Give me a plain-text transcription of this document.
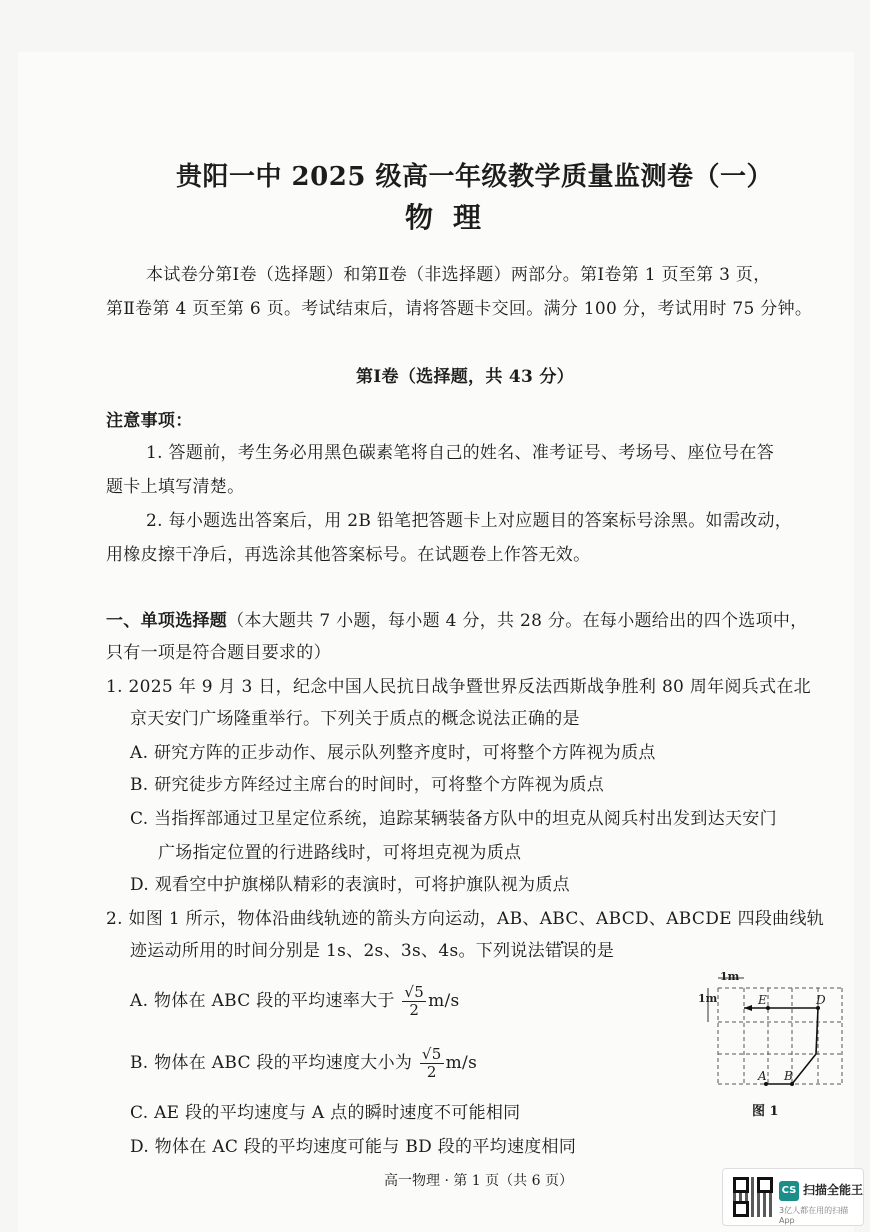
贵阳一中 2025 级高一年级教学质量监测卷（一）
物理
本试卷分第Ⅰ卷（选择题）和第Ⅱ卷（非选择题）两部分。第Ⅰ卷第 1 页至第 3 页，
第Ⅱ卷第 4 页至第 6 页。考试结束后，请将答题卡交回。满分 100 分，考试用时 75 分钟。
第Ⅰ卷（选择题，共 43 分）
注意事项：
1. 答题前，考生务必用黑色碳素笔将自己的姓名、准考证号、考场号、座位号在答
题卡上填写清楚。
2. 每小题选出答案后，用 2B 铅笔把答题卡上对应题目的答案标号涂黑。如需改动，
用橡皮擦干净后，再选涂其他答案标号。在试题卷上作答无效。
一、单项选择题（本大题共 7 小题，每小题 4 分，共 28 分。在每小题给出的四个选项中，
只有一项是符合题目要求的）
1. 2025 年 9 月 3 日，纪念中国人民抗日战争暨世界反法西斯战争胜利 80 周年阅兵式在北
京天安门广场隆重举行。下列关于质点的概念说法正确的是
A. 研究方阵的正步动作、展示队列整齐度时，可将整个方阵视为质点
B. 研究徒步方阵经过主席台的时间时，可将整个方阵视为质点
C. 当指挥部通过卫星定位系统，追踪某辆装备方队中的坦克从阅兵村出发到达天安门
广场指定位置的行进路线时，可将坦克视为质点
D. 观看空中护旗梯队精彩的表演时，可将护旗队视为质点
2. 如图 1 所示，物体沿曲线轨迹的箭头方向运动，AB、ABC、ABCD、ABCDE 四段曲线轨
迹运动所用的时间分别是 1s、2s、3s、4s。下列说法错误的是
A. 物体在 ABC 段的平均速率大于 $\frac{√5}{2} m/s$
B. 物体在 ABC 段的平均速度大小为 $\frac{√5}{2} m/s$
C. AE 段的平均速度与 A 点的瞬时速度不可能相同
D. 物体在 AC 段的平均速度可能与 BD 段的平均速度相同
1m
1m	E	D
A B
图 1
高一物理 · 第 1 页（共 6 页）
CS 扫描全能王
3亿人都在用的扫描App
